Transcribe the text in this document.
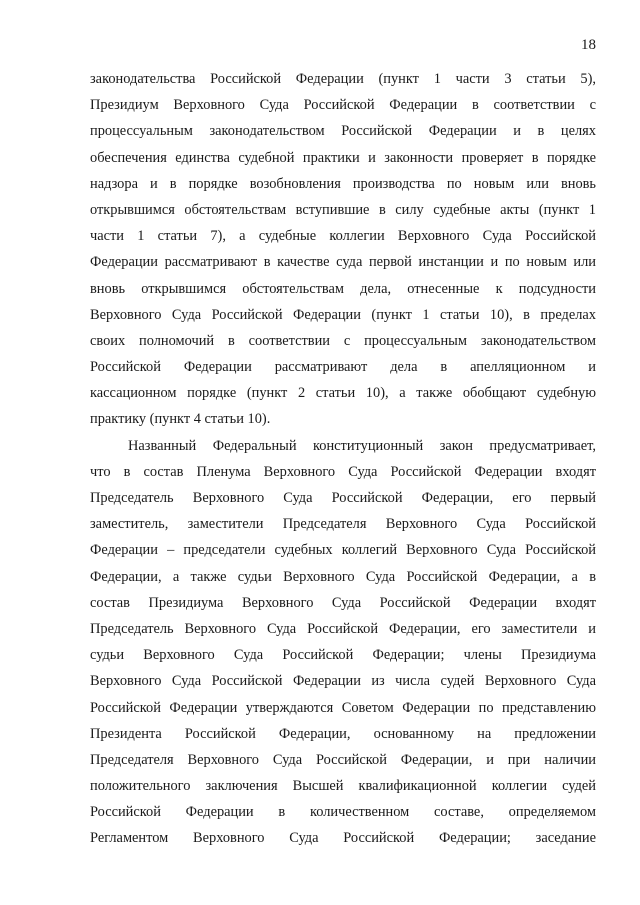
18
законодательства Российской Федерации (пункт 1 части 3 статьи 5),
Президиум Верховного Суда Российской Федерации в соответствии с
процессуальным законодательством Российской Федерации и в целях
обеспечения единства судебной практики и законности проверяет в порядке
надзора и в порядке возобновления производства по новым или вновь
открывшимся обстоятельствам вступившие в силу судебные акты (пункт 1
части 1 статьи 7), а судебные коллегии Верховного Суда Российской
Федерации рассматривают в качестве суда первой инстанции и по новым или
вновь открывшимся обстоятельствам дела, отнесенные к подсудности
Верховного Суда Российской Федерации (пункт 1 статьи 10), в пределах
своих полномочий в соответствии с процессуальным законодательством
Российской Федерации рассматривают дела в апелляционном и
кассационном порядке (пункт 2 статьи 10), а также обобщают судебную
практику (пункт 4 статьи 10).
Названный Федеральный конституционный закон предусматривает,
что в состав Пленума Верховного Суда Российской Федерации входят
Председатель Верховного Суда Российской Федерации, его первый
заместитель, заместители Председателя Верховного Суда Российской
Федерации – председатели судебных коллегий Верховного Суда Российской
Федерации, а также судьи Верховного Суда Российской Федерации, а в
состав Президиума Верховного Суда Российской Федерации входят
Председатель Верховного Суда Российской Федерации, его заместители и
судьи Верховного Суда Российской Федерации; члены Президиума
Верховного Суда Российской Федерации из числа судей Верховного Суда
Российской Федерации утверждаются Советом Федерации по представлению
Президента Российской Федерации, основанному на предложении
Председателя Верховного Суда Российской Федерации, и при наличии
положительного заключения Высшей квалификационной коллегии судей
Российской Федерации в количественном составе, определяемом
Регламентом Верховного Суда Российской Федерации; заседание
